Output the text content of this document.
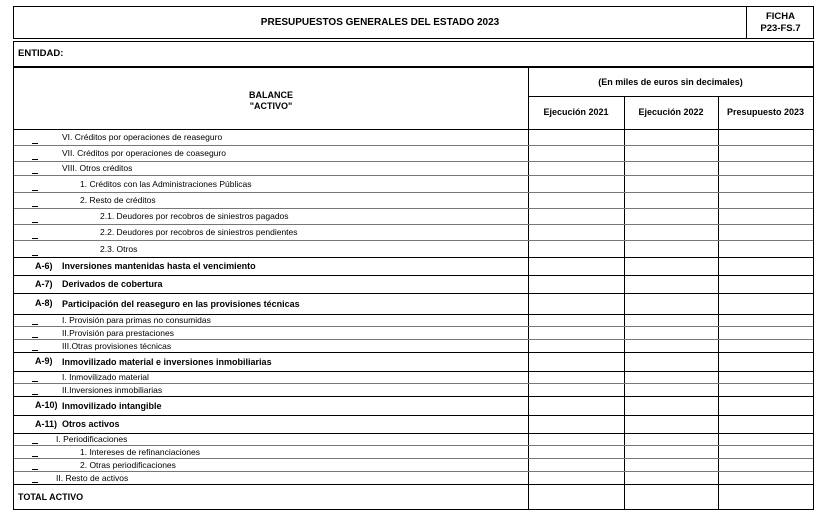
PRESUPUESTOS GENERALES DEL ESTADO 2023
FICHA
P23-FS.7
ENTIDAD:
BALANCE
"ACTIVO"
(En miles de euros sin decimales)
Ejecución 2021	Ejecución 2022	Presupuesto 2023
VI. Créditos por operaciones de reaseguro
VII. Créditos por operaciones de coaseguro
VIII. Otros créditos
1. Créditos con las Administraciones Públicas
2. Resto de créditos
2.1. Deudores por recobros de siniestros pagados
2.2. Deudores por recobros de siniestros pendientes
2.3. Otros
A-6) Inversiones mantenidas hasta el vencimiento
A-7) Derivados de cobertura
A-8) Participación del reaseguro en las provisiones técnicas
I. Provisión para primas no consumidas
II.Provisión para prestaciones
III.Otras provisiones técnicas
A-9) Inmovilizado material e inversiones inmobiliarias
I. Inmovilizado material
II.Inversiones inmobiliarias
A-10) Inmovilizado intangible
A-11) Otros activos
I. Periodificaciones
1. Intereses de refinanciaciones
2. Otras periodificaciones
II. Resto de activos
TOTAL ACTIVO
